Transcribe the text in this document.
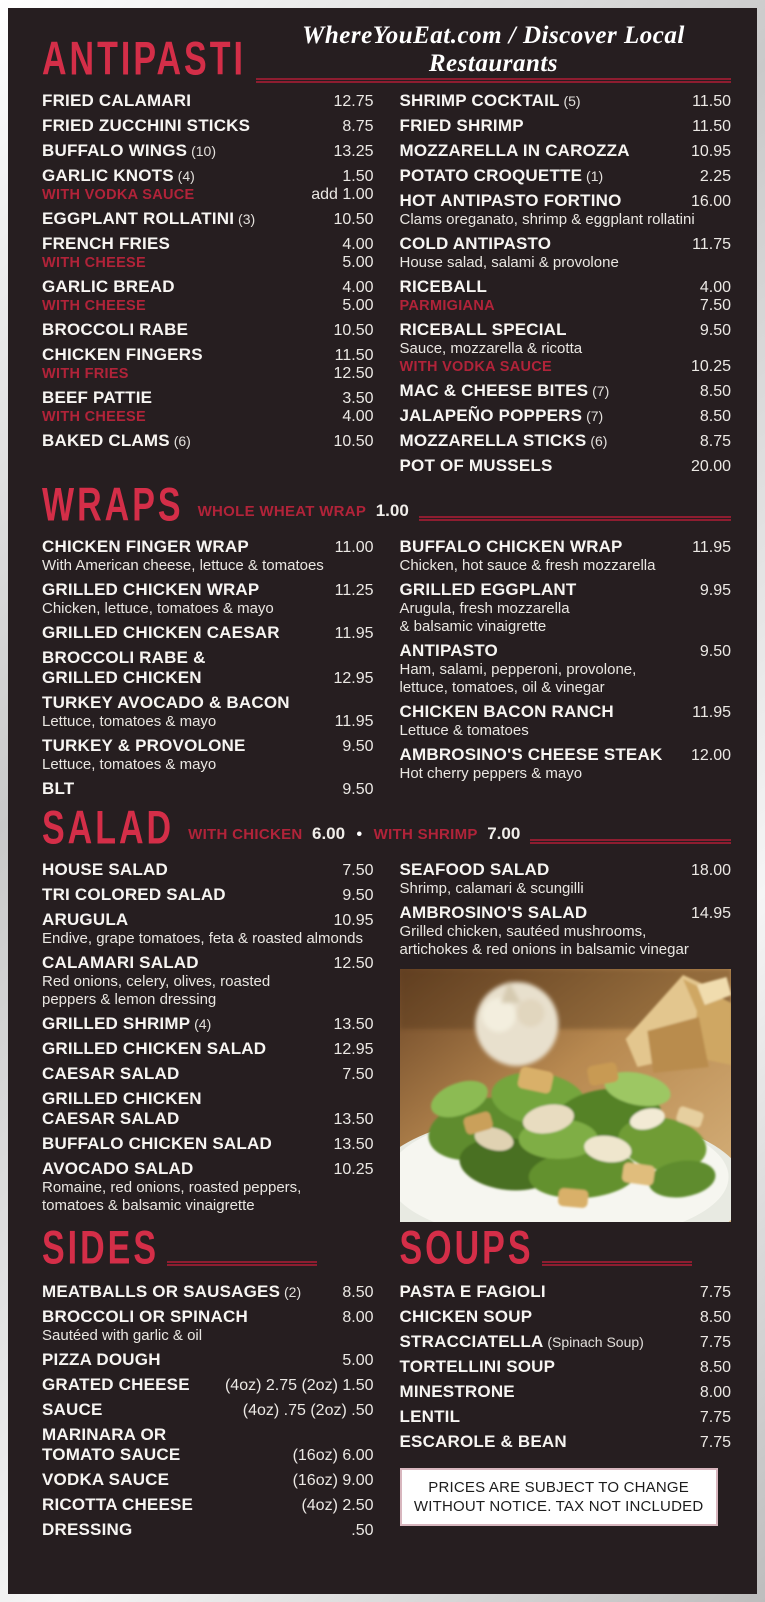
ANTIPASTI	WhereYouEat.com / Discover Local Restaurants
FRIED CALAMARI	12.75
FRIED ZUCCHINI STICKS	8.75
BUFFALO WINGS (10)	13.25
GARLIC KNOTS (4)	1.50
WITH VODKA SAUCE	add 1.00
EGGPLANT ROLLATINI (3)	10.50
FRENCH FRIES	4.00
WITH CHEESE	5.00
GARLIC BREAD	4.00
WITH CHEESE	5.00
BROCCOLI RABE	10.50
CHICKEN FINGERS	11.50
WITH FRIES	12.50
BEEF PATTIE	3.50
WITH CHEESE	4.00
BAKED CLAMS (6)	10.50
SHRIMP COCKTAIL (5)	11.50
FRIED SHRIMP	11.50
MOZZARELLA IN CAROZZA	10.95
POTATO CROQUETTE (1)	2.25
HOT ANTIPASTO FORTINO	16.00
Clams oreganato, shrimp & eggplant rollatini
COLD ANTIPASTO	11.75
House salad, salami & provolone
RICEBALL	4.00
PARMIGIANA	7.50
RICEBALL SPECIAL	9.50
Sauce, mozzarella & ricotta
WITH VODKA SAUCE	10.25
MAC & CHEESE BITES (7)	8.50
JALAPEÑO POPPERS (7)	8.50
MOZZARELLA STICKS (6)	8.75
POT OF MUSSELS	20.00
WRAPS WHOLE WHEAT WRAP 1.00
CHICKEN FINGER WRAP	11.00
With American cheese, lettuce & tomatoes
GRILLED CHICKEN WRAP	11.25
Chicken, lettuce, tomatoes & mayo
GRILLED CHICKEN CAESAR	11.95
BROCCOLI RABE &
GRILLED CHICKEN	12.95
TURKEY AVOCADO & BACON
Lettuce, tomatoes & mayo	11.95
TURKEY & PROVOLONE	9.50
Lettuce, tomatoes & mayo
BLT	9.50
BUFFALO CHICKEN WRAP	11.95
Chicken, hot sauce & fresh mozzarella
GRILLED EGGPLANT	9.95
Arugula, fresh mozzarella
& balsamic vinaigrette
ANTIPASTO	9.50
Ham, salami, pepperoni, provolone,
lettuce, tomatoes, oil & vinegar
CHICKEN BACON RANCH	11.95
Lettuce & tomatoes
AMBROSINO'S CHEESE STEAK	12.00
Hot cherry peppers & mayo
SALAD WITH CHICKEN 6.00 • WITH SHRIMP 7.00
HOUSE SALAD	7.50
TRI COLORED SALAD	9.50
ARUGULA	10.95
Endive, grape tomatoes, feta & roasted almonds
CALAMARI SALAD	12.50
Red onions, celery, olives, roasted
peppers & lemon dressing
GRILLED SHRIMP (4)	13.50
GRILLED CHICKEN SALAD	12.95
CAESAR SALAD	7.50
GRILLED CHICKEN
CAESAR SALAD	13.50
BUFFALO CHICKEN SALAD	13.50
AVOCADO SALAD	10.25
Romaine, red onions, roasted peppers,
tomatoes & balsamic vinaigrette
SEAFOOD SALAD	18.00
Shrimp, calamari & scungilli
AMBROSINO'S SALAD	14.95
Grilled chicken, sautéed mushrooms,
artichokes & red onions in balsamic vinegar
SIDES
MEATBALLS OR SAUSAGES (2)	8.50
BROCCOLI OR SPINACH	8.00
Sautéed with garlic & oil
PIZZA DOUGH	5.00
GRATED CHEESE	(4oz) 2.75 (2oz) 1.50
SAUCE	(4oz) .75 (2oz) .50
MARINARA OR
TOMATO SAUCE	(16oz) 6.00
VODKA SAUCE	(16oz) 9.00
RICOTTA CHEESE	(4oz) 2.50
DRESSING	.50
SOUPS
PASTA E FAGIOLI	7.75
CHICKEN SOUP	8.50
STRACCIATELLA (Spinach Soup)	7.75
TORTELLINI SOUP	8.50
MINESTRONE	8.00
LENTIL	7.75
ESCAROLE & BEAN	7.75
PRICES ARE SUBJECT TO CHANGE
WITHOUT NOTICE. TAX NOT INCLUDED
